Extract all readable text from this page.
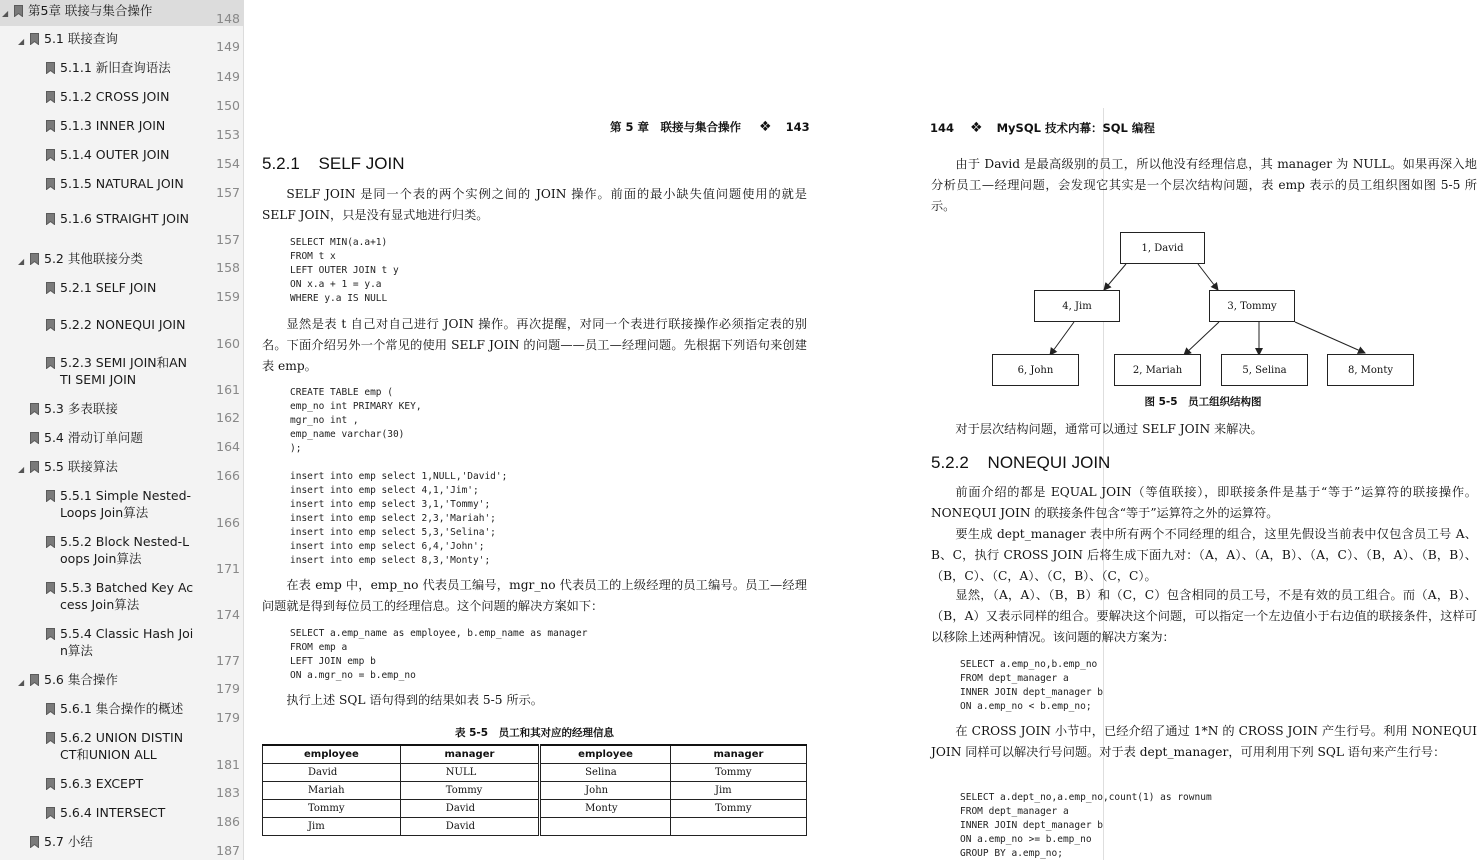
◢ 第5章 联接与集合操作
148
◢ 5.1 联接查询
149
5.1.1 新旧查询语法
149
5.1.2 CROSS JOIN
150
5.1.3 INNER JOIN
153
5.1.4 OUTER JOIN
154
5.1.5 NATURAL JOIN
157
5.1.6 STRAIGHT JOIN
157
◢ 5.2 其他联接分类
158
5.2.1 SELF JOIN
159
5.2.2 NONEQUI JOIN
160
5.2.3 SEMI JOIN和AN
TI SEMI JOIN
161
5.3 多表联接
162
5.4 滑动订单问题
164
◢ 5.5 联接算法
166
5.5.1 Simple Nested-
Loops Join算法
166
5.5.2 Block Nested-L
oops Join算法
171
5.5.3 Batched Key Ac
cess Join算法
174
5.5.4 Classic Hash Joi
n算法
177
◢ 5.6 集合操作
179
5.6.1 集合操作的概述
179
5.6.2 UNION DISTIN
CT和UNION ALL
181
5.6.3 EXCEPT
183
5.6.4 INTERSECT
186
5.7 小结
187
第 5 章　联接与集合操作 ❖ 143
5.2.1 SELF JOIN
SELF JOIN 是同一个表的两个实例之间的 JOIN 操作。前面的最小缺失值问题使用的就是 SELF JOIN，只是没有显式地进行归类。
SELECT MIN(a.a+1)
FROM t x
LEFT OUTER JOIN t y
ON x.a + 1 = y.a
WHERE y.a IS NULL
显然是表 t 自己对自己进行 JOIN 操作。再次提醒，对同一个表进行联接操作必须指定表的别名。下面介绍另外一个常见的使用 SELF JOIN 的问题——员工—经理问题。先根据下列语句来创建表 emp。
CREATE TABLE emp (
emp_no int PRIMARY KEY,
mgr_no int ,
emp_name varchar(30)
);

insert into emp select 1,NULL,'David';
insert into emp select 4,1,'Jim';
insert into emp select 3,1,'Tommy';
insert into emp select 2,3,'Mariah';
insert into emp select 5,3,'Selina';
insert into emp select 6,4,'John';
insert into emp select 8,3,'Monty';
在表 emp 中，emp_no 代表员工编号，mgr_no 代表员工的上级经理的员工编号。员工—经理问题就是得到每位员工的经理信息。这个问题的解决方案如下：
SELECT a.emp_name as employee, b.emp_name as manager
FROM emp a
LEFT JOIN emp b
ON a.mgr_no = b.emp_no
执行上述 SQL 语句得到的结果如表 5-5 所示。
表 5-5　员工和其对应的经理信息
employee	manager	employee	manager
David	NULL	Selina	Tommy
Mariah	Tommy	John	Jim
Tommy	David	Monty	Tommy
Jim	David		
144 ❖ MySQL 技术内幕：SQL 编程
由于 David 是最高级别的员工，所以他没有经理信息，其 manager 为 NULL。如果再深入地分析员工—经理问题，会发现它其实是一个层次结构问题，表 emp 表示的员工组织图如图 5-5 所示。
1, David
4, Jim	3, Tommy
6, John	2, Mariah	5, Selina	8, Monty
图 5-5　员工组织结构图
对于层次结构问题，通常可以通过 SELF JOIN 来解决。
5.2.2 NONEQUI JOIN
前面介绍的都是 EQUAL JOIN（等值联接），即联接条件是基于“等于”运算符的联接操作。NONEQUI JOIN 的联接条件包含“等于”运算符之外的运算符。
要生成 dept_manager 表中所有两个不同经理的组合，这里先假设当前表中仅包含员工号 A、B、C，执行 CROSS JOIN 后将生成下面九对：（A，A）、（A，B）、（A，C）、（B，A）、（B，B）、（B，C）、（C，A）、（C，B）、（C，C）。
显然，（A，A）、（B，B）和（C，C）包含相同的员工号，不是有效的员工组合。而（A，B）、（B，A）又表示同样的组合。要解决这个问题，可以指定一个左边值小于右边值的联接条件，这样可以移除上述两种情况。该问题的解决方案为：
SELECT a.emp_no,b.emp_no
FROM dept_manager a
INNER JOIN dept_manager b
ON a.emp_no < b.emp_no;
在 CROSS JOIN 小节中，已经介绍了通过 1*N 的 CROSS JOIN 产生行号。利用 NONEQUI JOIN 同样可以解决行号问题。对于表 dept_manager，可用利用下列 SQL 语句来产生行号：
SELECT a.dept_no,a.emp_no,count(1) as rownum
FROM dept_manager a
INNER JOIN dept_manager b
ON a.emp_no >= b.emp_no
GROUP BY a.emp_no;
